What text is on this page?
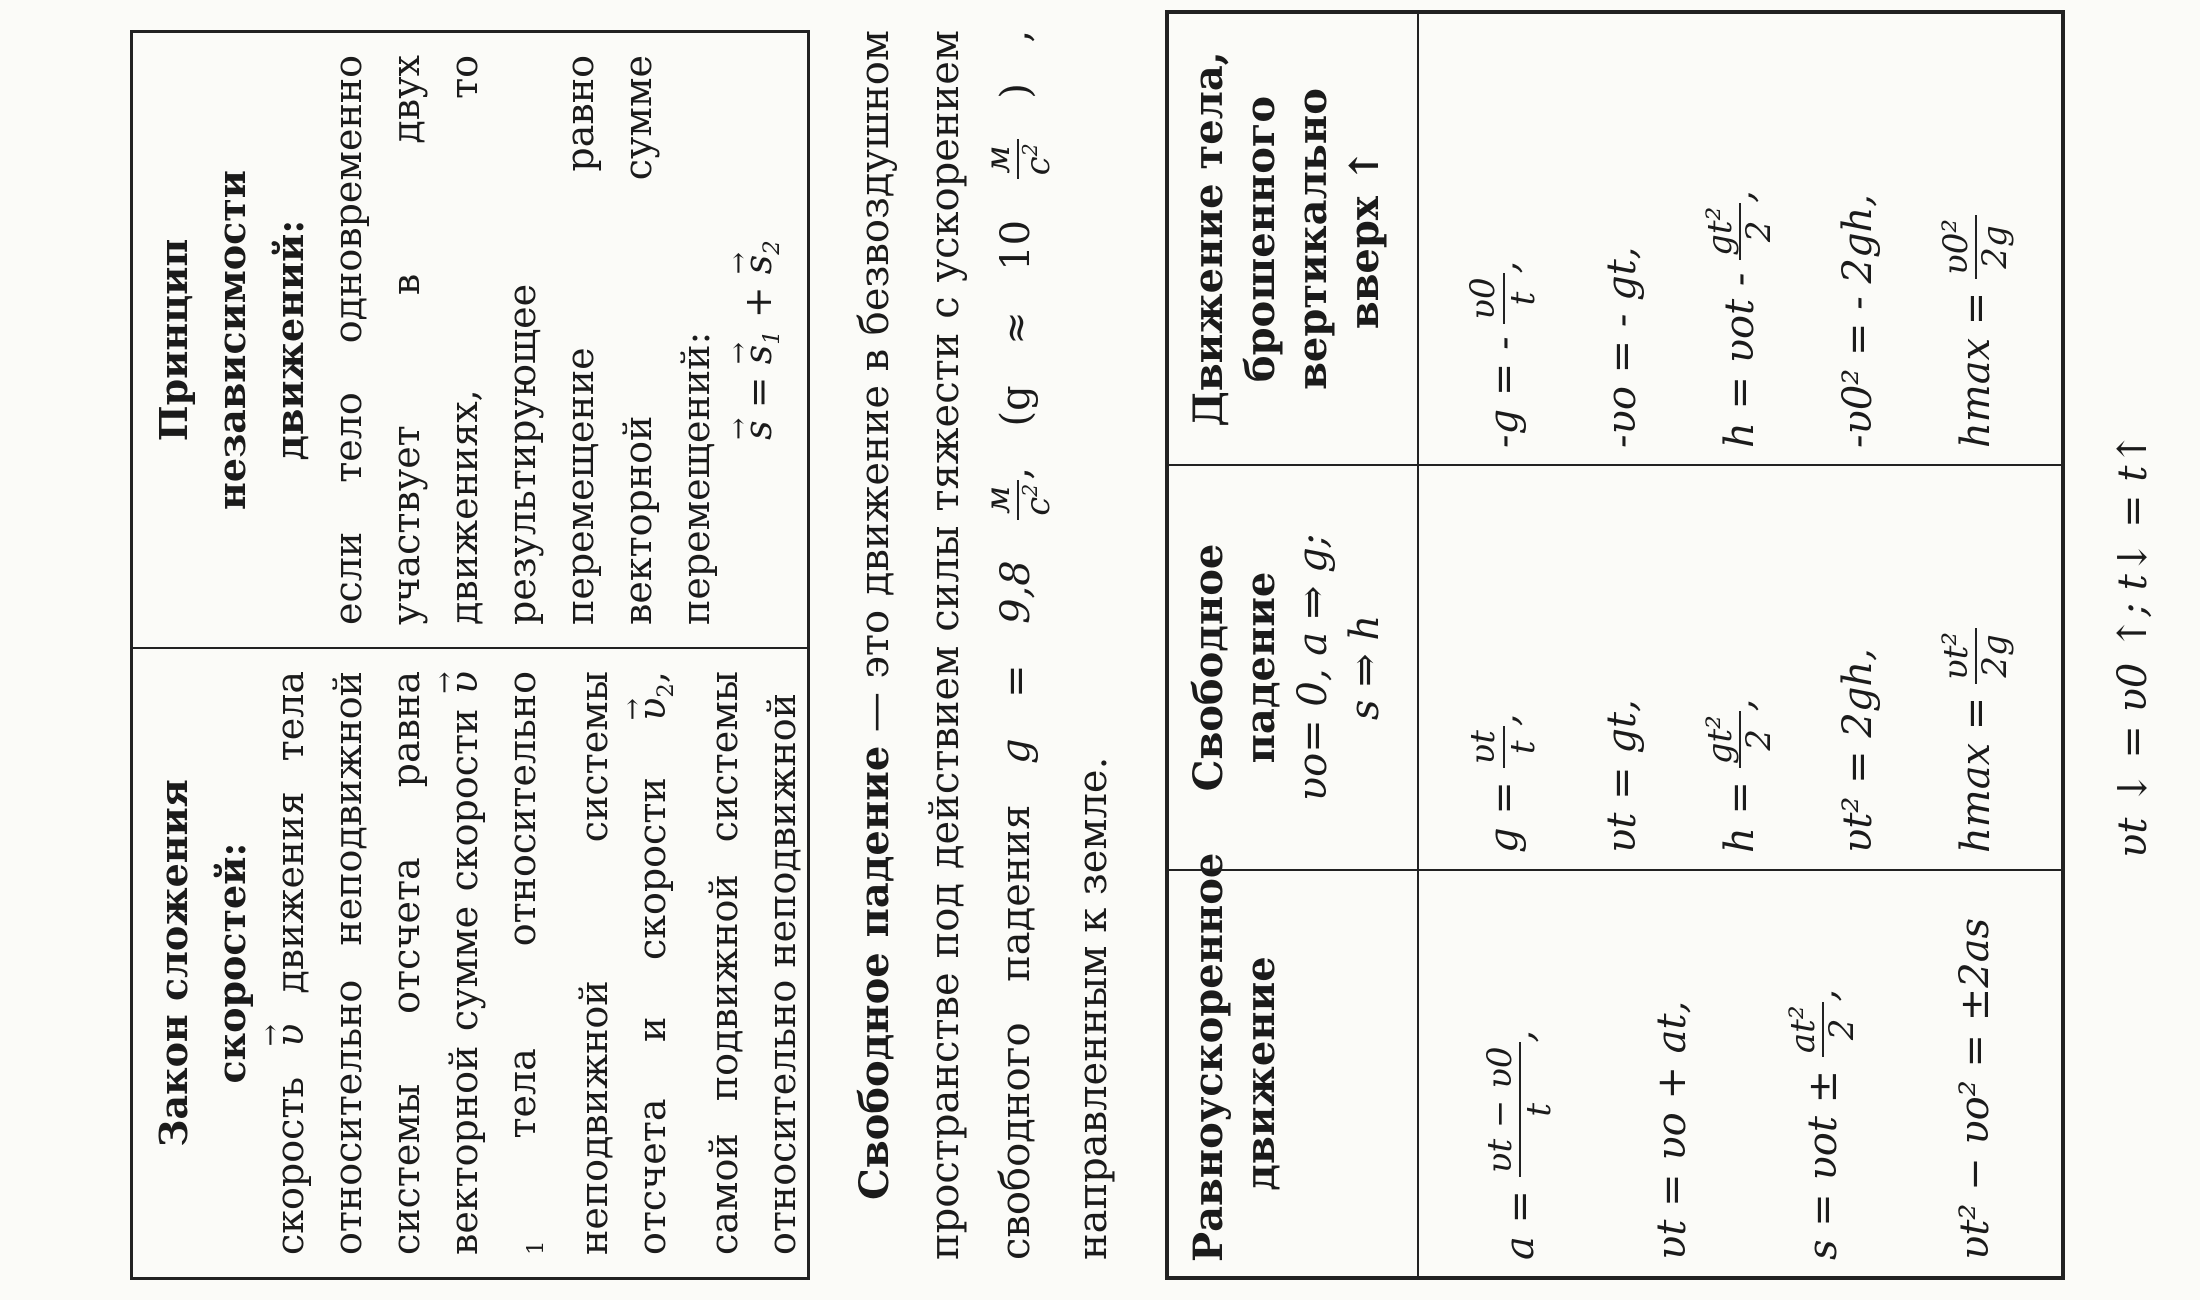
Закон сложения скоростей:
скорость → υ движения тела относительно неподвижной системы отсчета равна векторной сумме скорости → $\upsilon_1$ тела относительно неподвижной системы отсчета и скорости → $\upsilon_2$, самой подвижной системы относительно неподвижной
Принцип независимости движений: если тело одновременно участвует в двух движениях, то результирующее перемещение равно векторной сумме перемещений:
→ s = → $s_1$ + → $s_2$
Свободное падение — это движение в безвоздушном пространстве под действием силы тяжести с ускорением свободного падения g = 9,8
м $с^2$
, (g ≈ 10
м $с^2$
) , направленным к земле.	Равноускоренное движение
a =

υt − υ0 t
,	υt = υo + at,	s = υot ±

at² 2
,	υt² − υo² = ±2as
Свободное падение υo= 0, a ⇒ g; s ⇒ h
g =

υt t
,	υt = gt, h =

gt² 2
,	υt² = 2gh, hmax =

υt² 2g
Движение тела, брошенного вертикально вверх ↑
-g = -

υ0 t
,	-υo = - gt, h = υot -

gt² 2
,	-υ0² = - 2gh, hmax =

υ0² 2g
υt ↓ = υ0 ↑; t↓ = t↑
